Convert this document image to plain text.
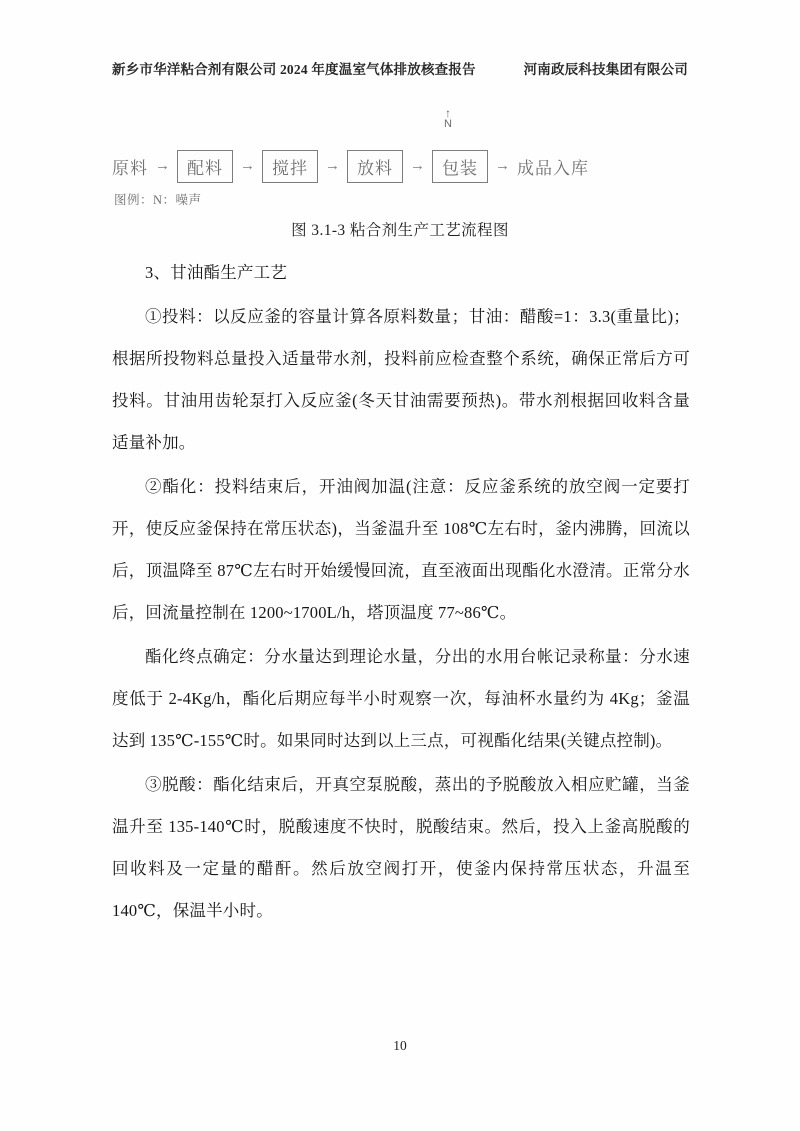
新乡市华洋粘合剂有限公司 2024 年度温室气体排放核查报告	河南政辰科技集团有限公司
↑
N
原料 →	配料	→	搅拌	→	放料	→	包装	→ 成品入库
图例：N：噪声
图 3.1-3 粘合剂生产工艺流程图

3、甘油酯生产工艺

①投料：以反应釜的容量计算各原料数量；甘油：醋酸=1：3.3(重量比)；根据所投物料总量投入适量带水剂，投料前应检查整个系统，确保正常后方可投料。甘油用齿轮泵打入反应釜(冬天甘油需要预热)。带水剂根据回收料含量适量补加。

②酯化：投料结束后，开油阀加温(注意：反应釜系统的放空阀一定要打开，使反应釜保持在常压状态)，当釜温升至 108℃左右时，釜内沸腾，回流以后，顶温降至 87℃左右时开始缓慢回流，直至液面出现酯化水澄清。正常分水后，回流量控制在 1200~1700L/h，塔顶温度 77~86℃。

酯化终点确定：分水量达到理论水量，分出的水用台帐记录称量：分水速度低于 2-4Kg/h，酯化后期应每半小时观察一次，每油杯水量约为 4Kg；釜温达到 135℃-155℃时。如果同时达到以上三点，可视酯化结果(关键点控制)。

③脱酸：酯化结束后，开真空泵脱酸，蒸出的予脱酸放入相应贮罐，当釜温升至 135-140℃时，脱酸速度不快时，脱酸结束。然后，投入上釜高脱酸的回收料及一定量的醋酐。然后放空阀打开，使釜内保持常压状态，升温至 140℃，保温半小时。

10
